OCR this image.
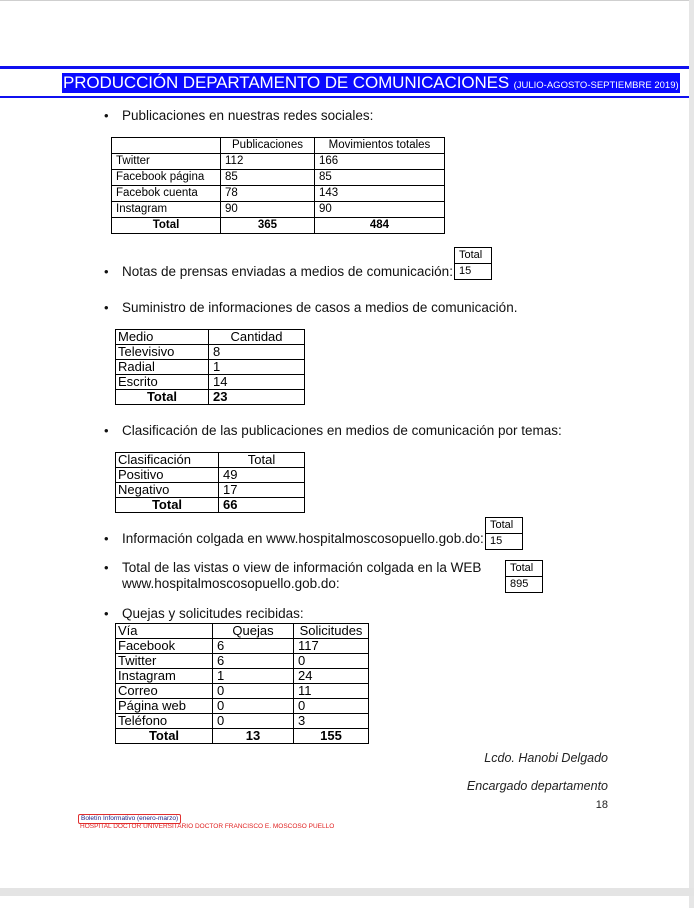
PRODUCCIÓN DEPARTAMENTO DE COMUNICACIONES (JULIO-AGOSTO-SEPTIEMBRE 2019)
• Publicaciones en nuestras redes sociales:
	Publicaciones	Movimientos totales
Twitter	112	166
Facebook página	85	85
Facebok cuenta	78	143
Instagram	90	90
Total	365	484
Total
15
• Notas de prensas enviadas a medios de comunicación:
• Suministro de informaciones de casos a medios de comunicación.
Medio	Cantidad
Televisivo	8
Radial	1
Escrito	14
Total	23
• Clasificación de las publicaciones en medios de comunicación por temas:
Clasificación	Total
Positivo	49
Negativo	17
Total	66
Total
15
• Información colgada en www.hospitalmoscosopuello.gob.do:
• Total de las vistas o view de información colgada en la WEB
www.hospitalmoscosopuello.gob.do:
Total
895
• Quejas y solicitudes recibidas:
Vía	Quejas	Solicitudes
Facebook	6	117
Twitter	6	0
Instagram	1	24
Correo	0	11
Página web	0	0
Teléfono	0	3
Total	13	155
Lcdo. Hanobi Delgado
Encargado departamento
18
Boletín Informativo (enero-marzo)
HOSPITAL DOCTOR UNIVERSITARIO DOCTOR FRANCISCO E. MOSCOSO PUELLO
